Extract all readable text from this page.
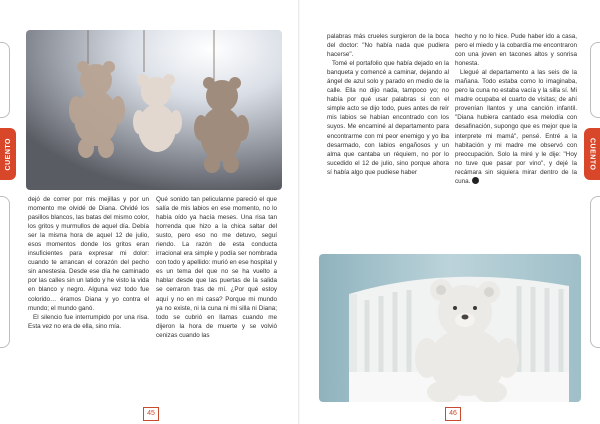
CUENTO

dejó de correr por mis mejillas y por un momento me olvidé de Diana. Olvidé los pasillos blancos, las batas del mismo color, los gritos y murmullos de aquel día. Debía ser la misma hora de aquel 12 de julio, esos momentos donde los gritos eran insuficientes para expresar mi dolor: cuando te arrancan el corazón del pecho sin anestesia. Desde ese día he caminado por las calles sin un latido y he visto la vida en blanco y negro. Alguna vez todo fue colorido… éramos Diana y yo contra el mundo; el mundo ganó.

El silencio fue interrumpido por una risa. Esta vez no era de ella, sino mía.

Qué sonido tan peliculanne pareció el que salía de mis labios en ese momento, no lo había oído ya hacía meses. Una risa tan horrenda que hizo a la chica saltar del susto, pero eso no me detuvo, seguí riendo. La razón de esta conducta irracional era simple y podía ser nombrada con todo y apellido: murió en ese hospital y es un tema del que no se ha vuelto a hablar desde que las puertas de la salida se cerraron tras de mí. ¿Por qué estoy aquí y no en mi casa? Porque mi mundo ya no existe, ni la cuna ni mi silla ni Diana; todo se cubrió en llamas cuando me dijeron la hora de muerte y se volvió cenizas cuando las

45
CUENTO

palabras más crueles surgieron de la boca del doctor: "No había nada que pudiera hacerse".

Tomé el portafolio que había dejado en la banqueta y comencé a caminar, dejando al ángel de azul solo y parado en medio de la calle. Ella no dijo nada, tampoco yo; no había por qué usar palabras si con el simple acto se dijo todo, pues antes de reír mis labios se habían encontrado con los suyos. Me encaminé al departamento para encontrarme con mi peor enemigo y yo iba desarmado, con labios engañosos y un alma que cantaba un réquiem, no por lo sucedido el 12 de julio, sino porque ahora sí había algo que pudiese haber

hecho y no lo hice. Pude haber ido a casa, pero el miedo y la cobardía me encontraron con una joven en tacones altos y sonrisa honesta.

Llegué al departamento a las seis de la mañana. Todo estaba como lo imaginaba, pero la cuna no estaba vacía y la silla sí. Mi madre ocupaba el cuarto de visitas; de ahí provenían llantos y una canción infantil. "Diana hubiera cantado esa melodía con desafinación, supongo que es mejor que la interprete mi mamá", pensé. Entré a la habitación y mi madre me observó con preocupación. Solo la miré y le dije: "Hoy no tuve que pasar por vino", y dejé la recámara sin siquiera mirar dentro de la cuna.

46
